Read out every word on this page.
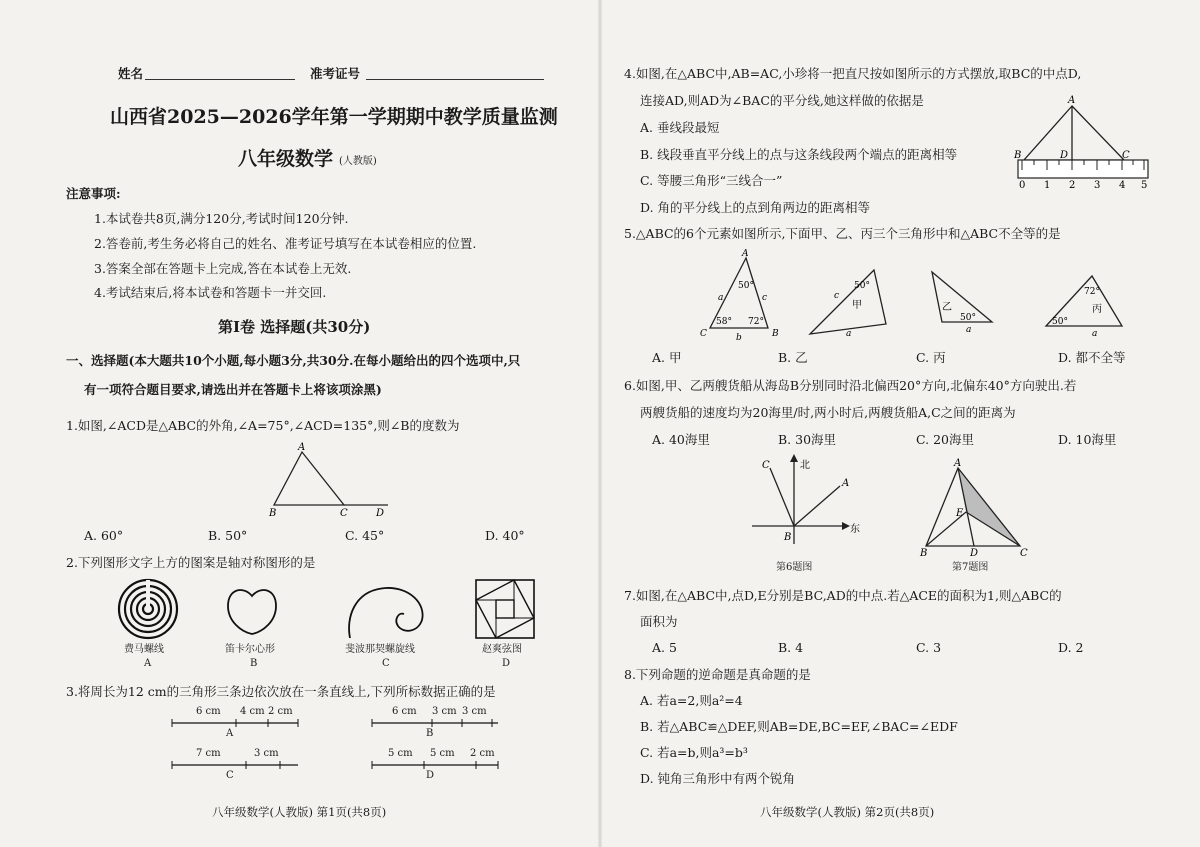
姓名	准考证号
山西省2025—2026学年第一学期期中教学质量监测
八年级数学 (人教版)
注意事项:
1.本试卷共8页,满分120分,考试时间120分钟.
2.答卷前,考生务必将自己的姓名、准考证号填写在本试卷相应的位置.
3.答案全部在答题卡上完成,答在本试卷上无效.
4.考试结束后,将本试卷和答题卡一并交回.
第Ⅰ卷 选择题(共30分)
一、选择题(本大题共10个小题,每小题3分,共30分.在每小题给出的四个选项中,只
有一项符合题目要求,请选出并在答题卡上将该项涂黑)
1.如图,∠ACD是△ABC的外角,∠A=75°,∠ACD=135°,则∠B的度数为
A
B	C	D
A. 60°	B. 50°	C. 45°	D. 40°
2.下列图形文字上方的图案是轴对称图形的是
费马螺线	笛卡尔心形	斐波那契螺旋线	赵爽弦图
A	B	C	D
3.将周长为12 cm的三角形三条边依次放在一条直线上,下列所标数据正确的是
6 cm 4 cm 2 cm
A
6 cm 3 cm 3 cm
B
7 cm	3 cm
C
5 cm 5 cm 2 cm
D
八年级数学(人教版) 第1页(共8页)
4.如图,在△ABC中,AB=AC,小珍将一把直尺按如图所示的方式摆放,取BC的中点D,
连接AD,则AD为∠BAC的平分线,她这样做的依据是
A. 垂线段最短
B. 线段垂直平分线上的点与这条线段两个端点的距离相等
C. 等腰三角形“三线合一”
D. 角的平分线上的点到角两边的距离相等
A
B	D	C
0 1 2 3 4 5
5.△ABC的6个元素如图所示,下面甲、乙、丙三个三角形中和△ABC不全等的是
A
B
C
a
b
c
50°
58° 72°
50°
甲
c
a
乙
50°
a
72°
丙
50°
a
A. 甲	B. 乙	C. 丙	D. 都不全等
6.如图,甲、乙两艘货船从海岛B分别同时沿北偏西20°方向,北偏东40°方向驶出.若
两艘货船的速度均为20海里/时,两小时后,两艘货船A,C之间的距离为
A. 40海里	B. 30海里	C. 20海里	D. 10海里
C	北
A
东
B
第6题图
A
E
B	D	C
第7题图
7.如图,在△ABC中,点D,E分别是BC,AD的中点.若△ACE的面积为1,则△ABC的
面积为
A. 5	B. 4	C. 3	D. 2
8.下列命题的逆命题是真命题的是
A. 若a=2,则a²=4
B. 若△ABC≌△DEF,则AB=DE,BC=EF,∠BAC=∠EDF
C. 若a=b,则a³=b³
D. 钝角三角形中有两个锐角
八年级数学(人教版) 第2页(共8页)
